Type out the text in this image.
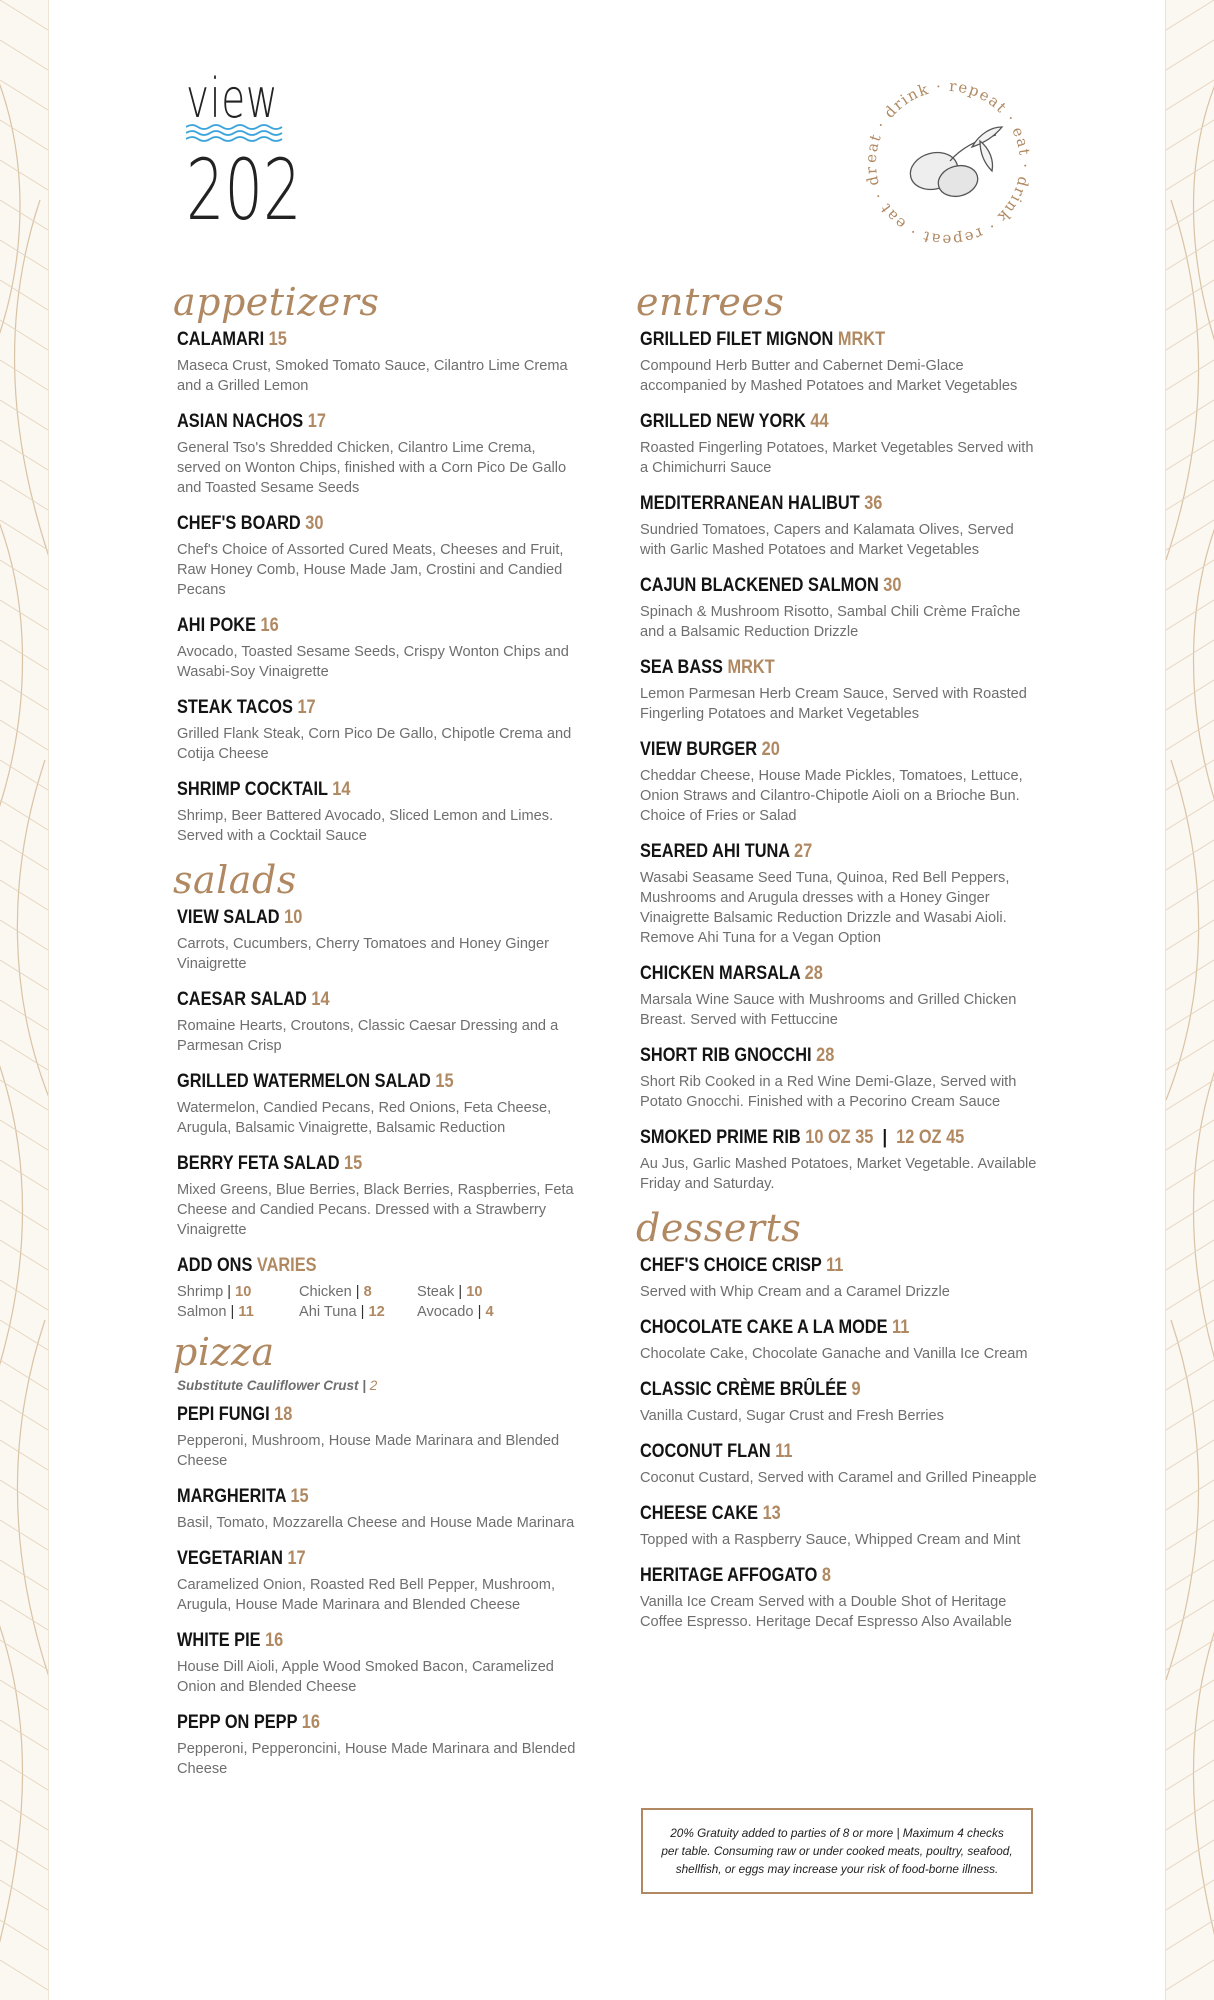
view
202	eat · drink · repeat · eat · drink · repeat · eat · dr
appetizers
CALAMARI 15
Maseca Crust, Smoked Tomato Sauce, Cilantro Lime Crema and a Grilled Lemon
ASIAN NACHOS 17
General Tso's Shredded Chicken, Cilantro Lime Crema, served on Wonton Chips, finished with a Corn Pico De Gallo and Toasted Sesame Seeds
CHEF'S BOARD 30
Chef's Choice of Assorted Cured Meats, Cheeses and Fruit, Raw Honey Comb, House Made Jam, Crostini and Candied Pecans
AHI POKE 16
Avocado, Toasted Sesame Seeds, Crispy Wonton Chips and Wasabi-Soy Vinaigrette
STEAK TACOS 17
Grilled Flank Steak, Corn Pico De Gallo, Chipotle Crema and Cotija Cheese
SHRIMP COCKTAIL 14
Shrimp, Beer Battered Avocado, Sliced Lemon and Limes. Served with a Cocktail Sauce
salads
VIEW SALAD 10
Carrots, Cucumbers, Cherry Tomatoes and Honey Ginger Vinaigrette
CAESAR SALAD 14
Romaine Hearts, Croutons, Classic Caesar Dressing and a Parmesan Crisp
GRILLED WATERMELON SALAD 15
Watermelon, Candied Pecans, Red Onions, Feta Cheese, Arugula, Balsamic Vinaigrette, Balsamic Reduction
BERRY FETA SALAD 15
Mixed Greens, Blue Berries, Black Berries, Raspberries, Feta Cheese and Candied Pecans. Dressed with a Strawberry Vinaigrette
ADD ONS VARIES
Shrimp | 10	Chicken | 8	Steak | 10
Salmon | 11	Ahi Tuna | 12	Avocado | 4
pizza
Substitute Cauliflower Crust | 2
PEPI FUNGI 18
Pepperoni, Mushroom, House Made Marinara and Blended Cheese
MARGHERITA 15
Basil, Tomato, Mozzarella Cheese and House Made Marinara
VEGETARIAN 17
Caramelized Onion, Roasted Red Bell Pepper, Mushroom, Arugula, House Made Marinara and Blended Cheese
WHITE PIE 16
House Dill Aioli, Apple Wood Smoked Bacon, Caramelized Onion and Blended Cheese
PEPP ON PEPP 16
Pepperoni, Pepperoncini, House Made Marinara and Blended Cheese
entrees
GRILLED FILET MIGNON MRKT
Compound Herb Butter and Cabernet Demi-Glace accompanied by Mashed Potatoes and Market Vegetables
GRILLED NEW YORK 44
Roasted Fingerling Potatoes, Market Vegetables Served with a Chimichurri Sauce
MEDITERRANEAN HALIBUT 36
Sundried Tomatoes, Capers and Kalamata Olives, Served with Garlic Mashed Potatoes and Market Vegetables
CAJUN BLACKENED SALMON 30
Spinach & Mushroom Risotto, Sambal Chili Crème Fraîche and a Balsamic Reduction Drizzle
SEA BASS MRKT
Lemon Parmesan Herb Cream Sauce, Served with Roasted Fingerling Potatoes and Market Vegetables
VIEW BURGER 20
Cheddar Cheese, House Made Pickles, Tomatoes, Lettuce, Onion Straws and Cilantro-Chipotle Aioli on a Brioche Bun. Choice of Fries or Salad
SEARED AHI TUNA 27
Wasabi Seasame Seed Tuna, Quinoa, Red Bell Peppers, Mushrooms and Arugula dresses with a Honey Ginger Vinaigrette Balsamic Reduction Drizzle and Wasabi Aioli. Remove Ahi Tuna for a Vegan Option
CHICKEN MARSALA 28
Marsala Wine Sauce with Mushrooms and Grilled Chicken Breast. Served with Fettuccine
SHORT RIB GNOCCHI 28
Short Rib Cooked in a Red Wine Demi-Glaze, Served with Potato Gnocchi. Finished with a Pecorino Cream Sauce
SMOKED PRIME RIB 10 OZ 35  |  12 OZ 45
Au Jus, Garlic Mashed Potatoes, Market Vegetable. Available Friday and Saturday.
desserts
CHEF'S CHOICE CRISP 11
Served with Whip Cream and a Caramel Drizzle
CHOCOLATE CAKE A LA MODE 11
Chocolate Cake, Chocolate Ganache and Vanilla Ice Cream
CLASSIC CRÈME BRÛLÉE 9
Vanilla Custard, Sugar Crust and Fresh Berries
COCONUT FLAN 11
Coconut Custard, Served with Caramel and Grilled Pineapple
CHEESE CAKE 13
Topped with a Raspberry Sauce, Whipped Cream and Mint
HERITAGE AFFOGATO 8
Vanilla Ice Cream Served with a Double Shot of Heritage Coffee Espresso. Heritage Decaf Espresso Also Available
20% Gratuity added to parties of 8 or more | Maximum 4 checks per table. Consuming raw or under cooked meats, poultry, seafood, shellfish, or eggs may increase your risk of food-borne illness.
